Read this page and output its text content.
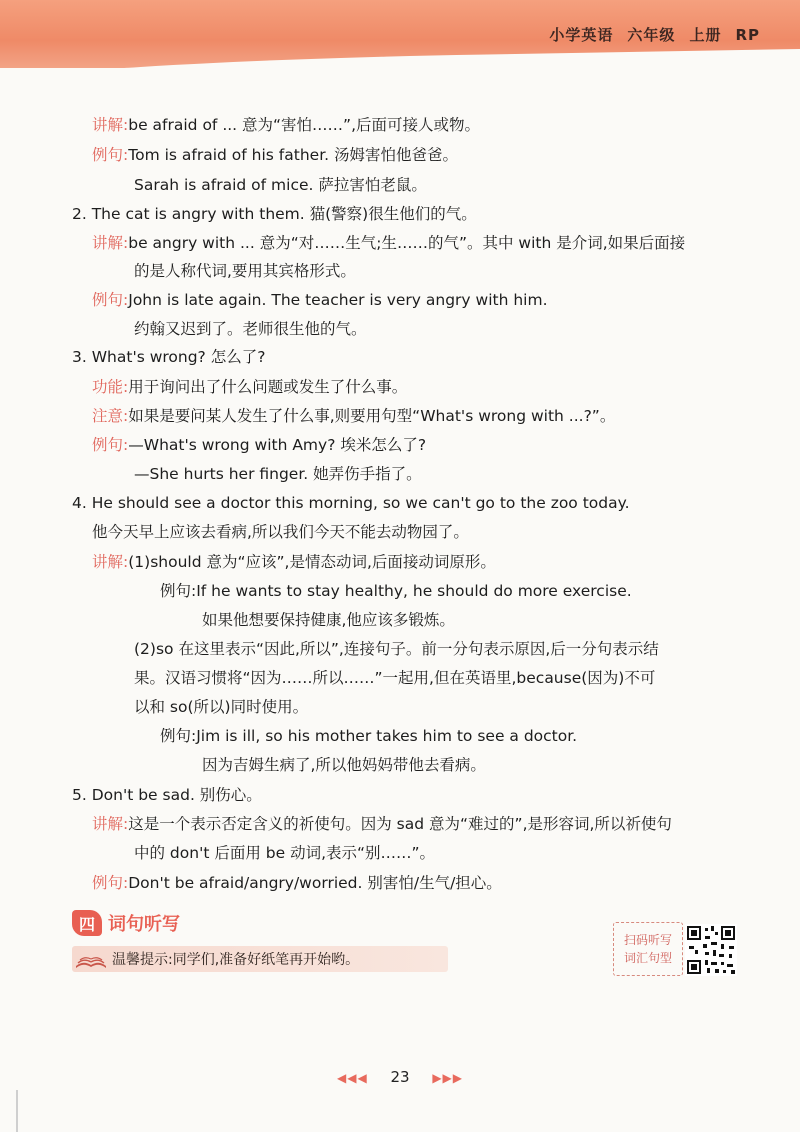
小学英语 六年级 上册 RP
讲解:be afraid of ... 意为“害怕……”,后面可接人或物。
例句:Tom is afraid of his father. 汤姆害怕他爸爸。
Sarah is afraid of mice. 萨拉害怕老鼠。
2. The cat is angry with them. 猫(警察)很生他们的气。
讲解:be angry with ... 意为“对……生气;生……的气”。其中 with 是介词,如果后面接
的是人称代词,要用其宾格形式。
例句:John is late again. The teacher is very angry with him.
约翰又迟到了。老师很生他的气。
3. What's wrong? 怎么了?
功能:用于询问出了什么问题或发生了什么事。
注意:如果是要问某人发生了什么事,则要用句型“What's wrong with ...?”。
例句:—What's wrong with Amy? 埃米怎么了?
—She hurts her finger. 她弄伤手指了。
4. He should see a doctor this morning, so we can't go to the zoo today.
他今天早上应该去看病,所以我们今天不能去动物园了。
讲解:(1)should 意为“应该”,是情态动词,后面接动词原形。
例句:If he wants to stay healthy, he should do more exercise.
如果他想要保持健康,他应该多锻炼。
(2)so 在这里表示“因此,所以”,连接句子。前一分句表示原因,后一分句表示结
果。汉语习惯将“因为……所以……”一起用,但在英语里,because(因为)不可
以和 so(所以)同时使用。
例句:Jim is ill, so his mother takes him to see a doctor.
因为吉姆生病了,所以他妈妈带他去看病。
5. Don't be sad. 别伤心。
讲解:这是一个表示否定含义的祈使句。因为 sad 意为“难过的”,是形容词,所以祈使句
中的 don't 后面用 be 动词,表示“别……”。
例句:Don't be afraid/angry/worried. 别害怕/生气/担心。
四 词句听写
温馨提示:同学们,准备好纸笔再开始哟。
扫码听写
词汇句型
◀◀◀ 23 ▶▶▶
